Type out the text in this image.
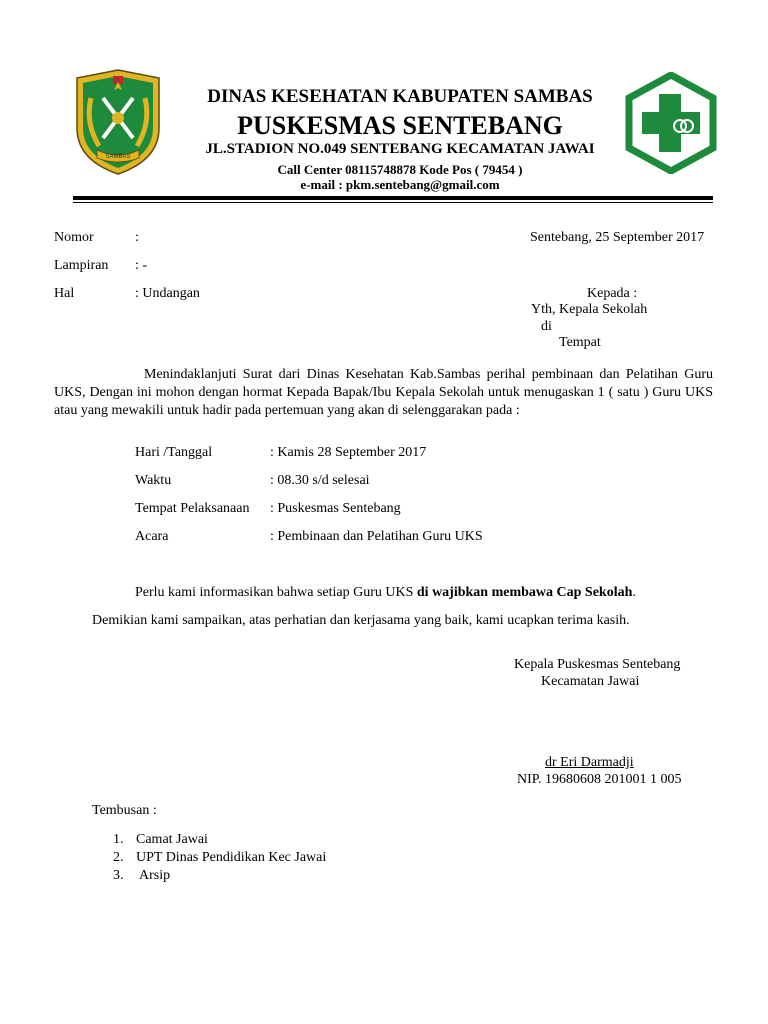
SAMBAS
DINAS KESEHATAN KABUPATEN SAMBAS
PUSKESMAS SENTEBANG
JL.STADION NO.049 SENTEBANG KECAMATAN JAWAI
Call Center 08115748878 Kode Pos ( 79454 )
e-mail : pkm.sentebang@gmail.com
Nomor	:	Sentebang, 25 September 2017
Lampiran : -
Hal	: Undangan	Kepada :
Yth, Kepala Sekolah
di
Tempat
Menindaklanjuti Surat dari Dinas Kesehatan Kab.Sambas perihal pembinaan dan Pelatihan Guru UKS, Dengan ini mohon dengan hormat Kepada Bapak/Ibu Kepala Sekolah untuk menugaskan 1 ( satu ) Guru UKS atau yang mewakili untuk hadir pada pertemuan yang akan di selenggarakan pada :
Hari /Tanggal	: Kamis 28 September 2017
Waktu	: 08.30 s/d selesai
Tempat Pelaksanaan : Puskesmas Sentebang
Acara	: Pembinaan dan Pelatihan Guru UKS
Perlu kami informasikan bahwa setiap Guru UKS di wajibkan membawa Cap Sekolah.
Demikian kami sampaikan, atas perhatian dan kerjasama yang baik, kami ucapkan terima kasih.
Kepala Puskesmas Sentebang
Kecamatan Jawai
dr Eri Darmadji
NIP. 19680608 201001 1 005
Tembusan :
1. Camat Jawai
2. UPT Dinas Pendidikan Kec Jawai
3. Arsip
